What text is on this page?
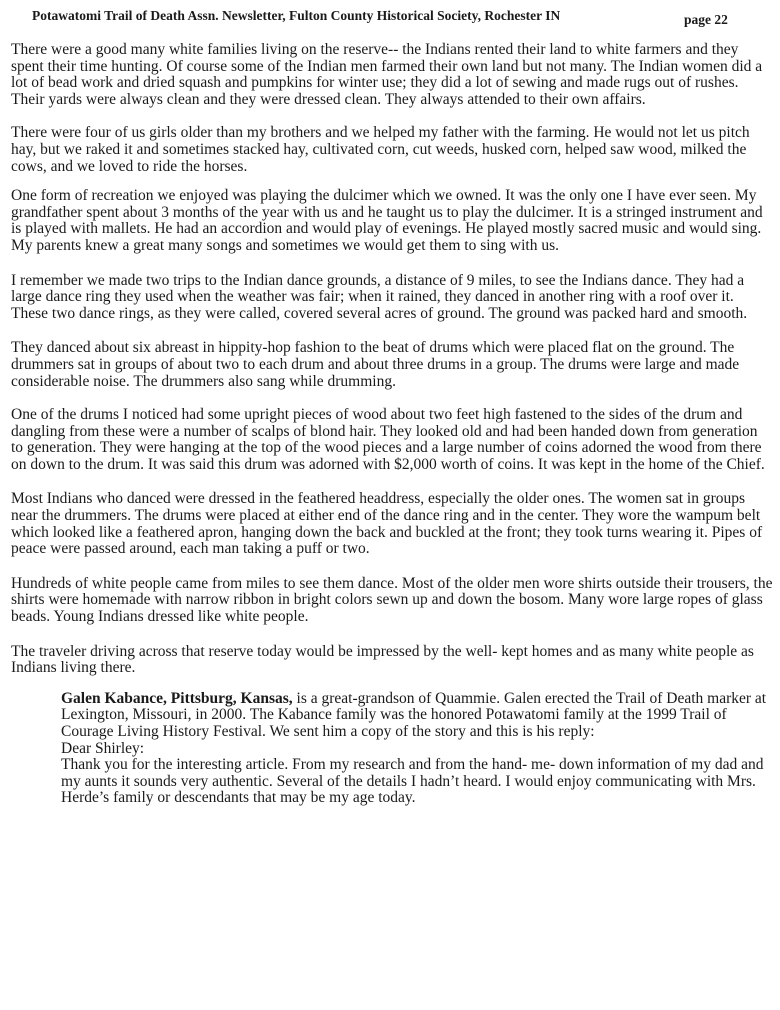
Potawatomi Trail of Death Assn. Newsletter, Fulton County Historical Society, Rochester IN	page 22

There were a good many white families living on the reserve-- the Indians rented their land to white farmers and they spent their time hunting. Of course some of the Indian men farmed their own land but not many. The Indian women did a lot of bead work and dried squash and pumpkins for winter use; they did a lot of sewing and made rugs out of rushes. Their yards were always clean and they were dressed clean. They always attended to their own affairs.

There were four of us girls older than my brothers and we helped my father with the farming. He would not let us pitch hay, but we raked it and sometimes stacked hay, cultivated corn, cut weeds, husked corn, helped saw wood, milked the cows, and we loved to ride the horses.

One form of recreation we enjoyed was playing the dulcimer which we owned. It was the only one I have ever seen. My grandfather spent about 3 months of the year with us and he taught us to play the dulcimer. It is a stringed instrument and is played with mallets. He had an accordion and would play of evenings. He played mostly sacred music and would sing. My parents knew a great many songs and sometimes we would get them to sing with us.

I remember we made two trips to the Indian dance grounds, a distance of 9 miles, to see the Indians dance. They had a large dance ring they used when the weather was fair; when it rained, they danced in another ring with a roof over it. These two dance rings, as they were called, covered several acres of ground. The ground was packed hard and smooth.

They danced about six abreast in hippity-hop fashion to the beat of drums which were placed flat on the ground. The drummers sat in groups of about two to each drum and about three drums in a group. The drums were large and made considerable noise. The drummers also sang while drumming.

One of the drums I noticed had some upright pieces of wood about two feet high fastened to the sides of the drum and dangling from these were a number of scalps of blond hair. They looked old and had been handed down from generation to generation. They were hanging at the top of the wood pieces and a large number of coins adorned the wood from there on down to the drum. It was said this drum was adorned with $2,000 worth of coins. It was kept in the home of the Chief.

Most Indians who danced were dressed in the feathered headdress, especially the older ones. The women sat in groups near the drummers. The drums were placed at either end of the dance ring and in the center. They wore the wampum belt which looked like a feathered apron, hanging down the back and buckled at the front; they took turns wearing it. Pipes of peace were passed around, each man taking a puff or two.

Hundreds of white people came from miles to see them dance. Most of the older men wore shirts outside their trousers, the shirts were homemade with narrow ribbon in bright colors sewn up and down the bosom. Many wore large ropes of glass beads. Young Indians dressed like white people.

The traveler driving across that reserve today would be impressed by the well- kept homes and as many white people as Indians living there.

Galen Kabance, Pittsburg, Kansas, is a great-grandson of Quammie. Galen erected the Trail of Death marker at Lexington, Missouri, in 2000. The Kabance family was the honored Potawatomi family at the 1999 Trail of Courage Living History Festival. We sent him a copy of the story and this is his reply:

Dear Shirley:

Thank you for the interesting article. From my research and from the hand- me- down information of my dad and my aunts it sounds very authentic. Several of the details I hadn’t heard. I would enjoy communicating with Mrs. Herde’s family or descendants that may be my age today.
